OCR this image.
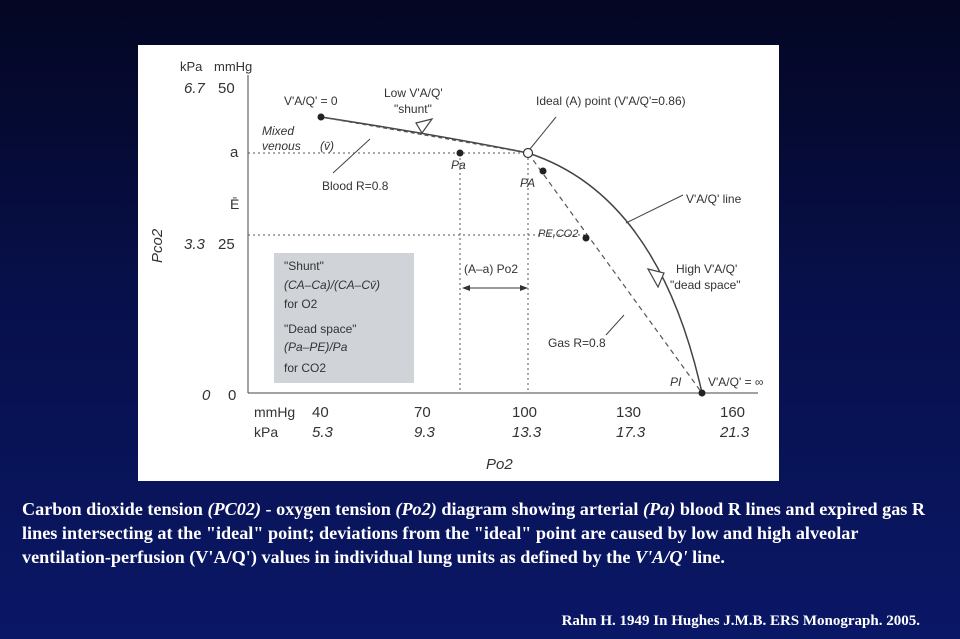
"Shunt"
(CA–Ca)/(CA–Cv̄)
for O2
"Dead space"
(Pa–PE)/Pa
for CO2
kPa mmHg
6.7 50
a
Ē
3.3 25
0 0
Pco2
mmHg
kPa
40
5.3
70
9.3
100
13.3
130
17.3
160
21.3
Po2
V'A/Q' = 0
Low V'A/Q'
"shunt"
Ideal (A) point (V'A/Q'=0.86)
Mixed
venous (v̄)
Pa
PA
Blood R=0.8
V'A/Q' line
PE,CO2
(A–a) Po2	High V'A/Q'
"dead space"
Gas R=0.8
PI V'A/Q' = ∞

Carbon dioxide tension (PC02) - oxygen tension (Po2) diagram showing arterial (Pa) blood R lines and expired gas R lines intersecting at the "ideal" point; deviations from the "ideal" point are caused by low and high alveolar ventilation-perfusion (V'A/Q') values in individual lung units as defined by the V'A/Q' line.

Rahn H. 1949 In Hughes J.M.B. ERS Monograph. 2005.
